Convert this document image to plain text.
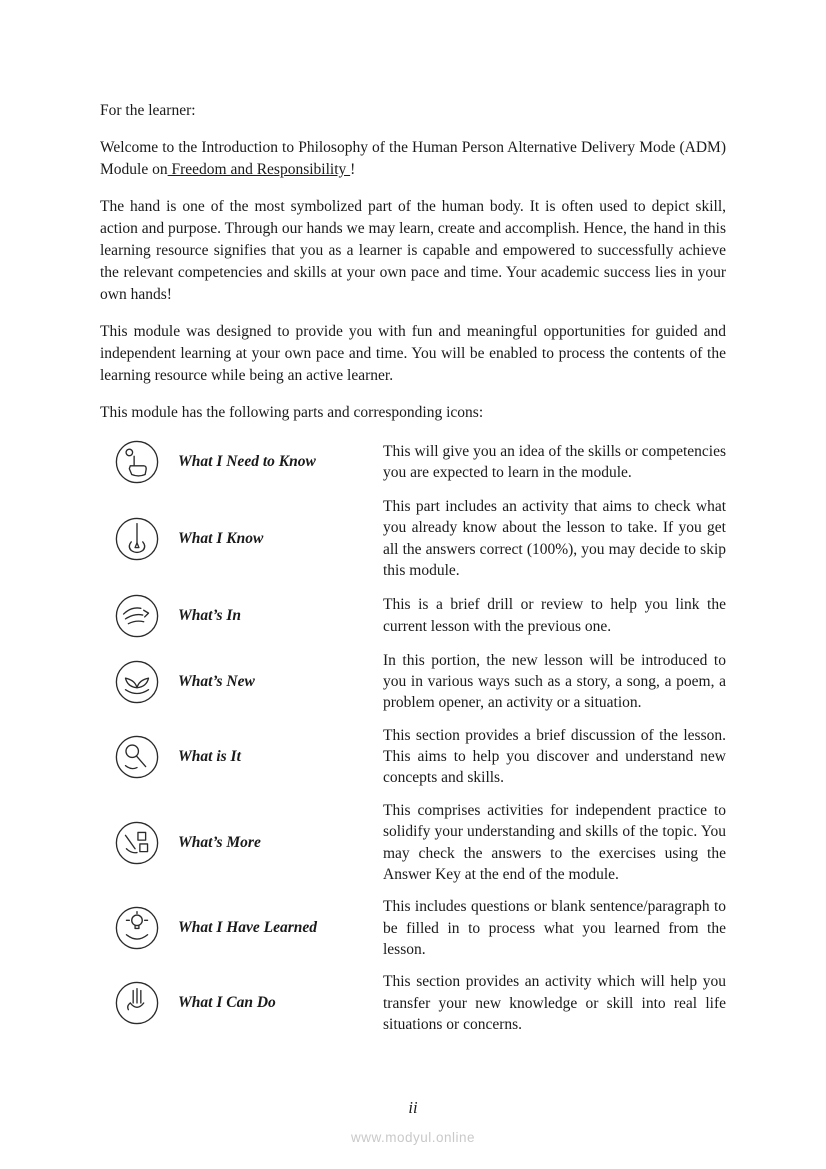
For the learner:

Welcome to the Introduction to Philosophy of the Human Person Alternative Delivery Mode (ADM) Module on Freedom and Responsibility !

The hand is one of the most symbolized part of the human body. It is often used to depict skill, action and purpose. Through our hands we may learn, create and accomplish. Hence, the hand in this learning resource signifies that you as a learner is capable and empowered to successfully achieve the relevant competencies and skills at your own pace and time. Your academic success lies in your own hands!

This module was designed to provide you with fun and meaningful opportunities for guided and independent learning at your own pace and time. You will be enabled to process the contents of the learning resource while being an active learner.

This module has the following parts and corresponding icons:

What I Need to Know
This will give you an idea of the skills or competencies you are expected to learn in the module.
What I Know
This part includes an activity that aims to check what you already know about the lesson to take. If you get all the answers correct (100%), you may decide to skip this module.
What’s In
This is a brief drill or review to help you link the current lesson with the previous one.
What’s New
In this portion, the new lesson will be introduced to you in various ways such as a story, a song, a poem, a problem opener, an activity or a situation.
What is It
This section provides a brief discussion of the lesson. This aims to help you discover and understand new concepts and skills.
What’s More
This comprises activities for independent practice to solidify your understanding and skills of the topic. You may check the answers to the exercises using the Answer Key at the end of the module.
What I Have Learned
This includes questions or blank sentence/paragraph to be filled in to process what you learned from the lesson.
What I Can Do
This section provides an activity which will help you transfer your new knowledge or skill into real life situations or concerns.
ii
www.modyul.online
